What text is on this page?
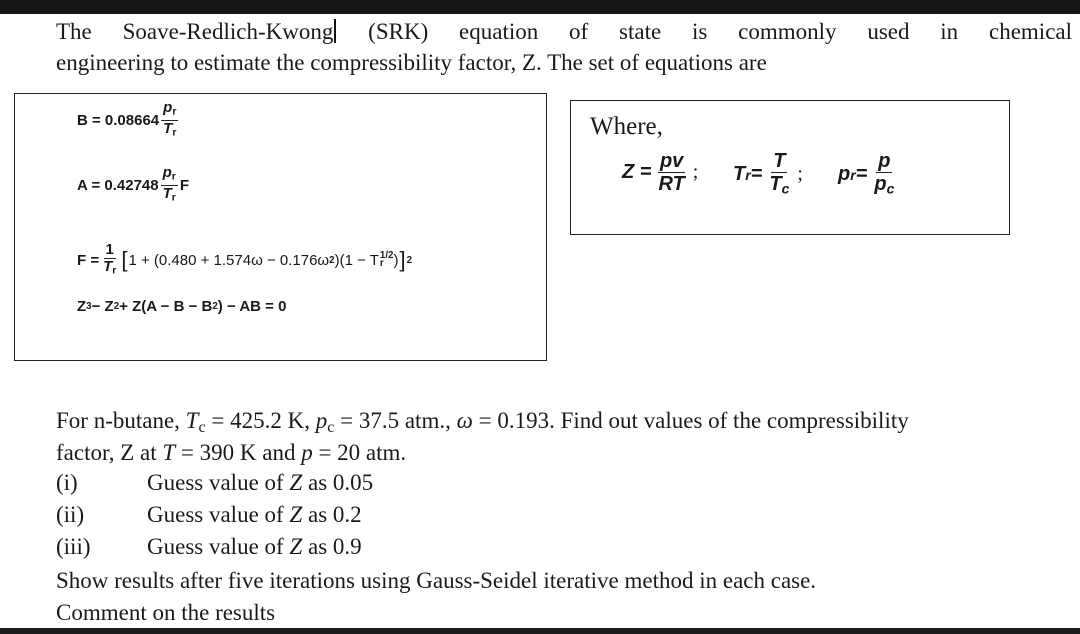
The Soave-Redlich-Kwong (SRK) equation of state is commonly used in chemical
engineering to estimate the compressibility factor, Z. The set of equations are
$B = 0.08664 \frac{p_r}{T_r}$
$A = 0.42748 \frac{p_r}{T_r}$ F
$F = \frac{1}{T_r}$ [ 1 + (0.480 + 1.574ω − 0.176ω 2 )(1 − T 1/2
r ) ] 2
Z 3 − Z 2 + Z(A − B − B 2 ) − AB = 0
Where,
$Z = \frac{pv}{RT}$ ; T $r = \frac{T}{T_c}$ ; p $r = \frac{p}{p_c}$
For n-butane, $T_c = 425.2$ K, $p_c = 37.5$ atm., ω = 0.193. Find out values of the compressibility
factor, Z at T = 390 K and p = 20 atm.
(i)	Guess value of Z as 0.05
(ii)	Guess value of Z as 0.2
(iii) Guess value of Z as 0.9
Show results after five iterations using Gauss-Seidel iterative method in each case.
Comment on the results
